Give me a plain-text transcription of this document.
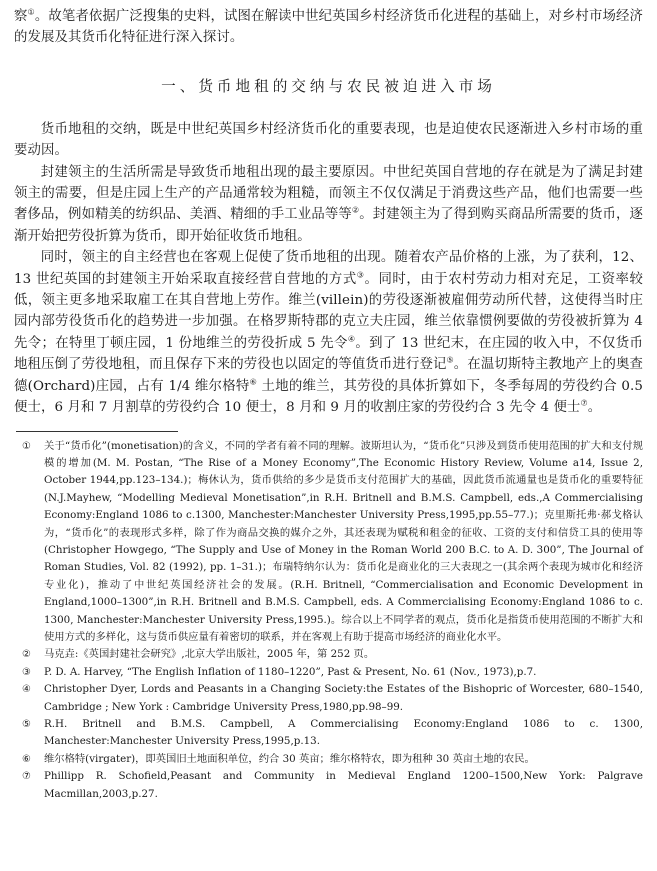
察①。故笔者依据广泛搜集的史料，试图在解读中世纪英国乡村经济货币化进程的基础上，对乡村市场经济的发展及其货币化特征进行深入探讨。

一、货币地租的交纳与农民被迫进入市场

货币地租的交纳，既是中世纪英国乡村经济货币化的重要表现，也是迫使农民逐渐进入乡村市场的重要动因。

封建领主的生活所需是导致货币地租出现的最主要原因。中世纪英国自营地的存在就是为了满足封建领主的需要，但是庄园上生产的产品通常较为粗糙，而领主不仅仅满足于消费这些产品，他们也需要一些奢侈品，例如精美的纺织品、美酒、精细的手工业品等等②。封建领主为了得到购买商品所需要的货币，逐渐开始把劳役折算为货币，即开始征收货币地租。

同时，领主的自主经营也在客观上促使了货币地租的出现。随着农产品价格的上涨，为了获利，12、13 世纪英国的封建领主开始采取直接经营自营地的方式③。同时，由于农村劳动力相对充足，工资率较低，领主更多地采取雇工在其自营地上劳作。维兰(villein)的劳役逐渐被雇佣劳动所代替，这使得当时庄园内部劳役货币化的趋势进一步加强。在格罗斯特郡的克立夫庄园，维兰依靠惯例要做的劳役被折算为 4 先令；在特里丁顿庄园，1 份地维兰的劳役折成 5 先令④。到了 13 世纪末，在庄园的收入中，不仅货币地租压倒了劳役地租，而且保存下来的劳役也以固定的等值货币进行登记⑤。在温切斯特主教地产上的奥查德(Orchard)庄园，占有 1/4 维尔格特⑥ 土地的维兰，其劳役的具体折算如下，冬季每周的劳役约合 0.5 便士，6 月和 7 月割草的劳役约合 10 便士，8 月和 9 月的收割庄家的劳役约合 3 先令 4 便士⑦。

①	关于“货币化”(monetisation)的含义，不同的学者有着不同的理解。波斯坦认为，“货币化”只涉及到货币使用范围的扩大和支付规模的增加(M. M. Postan, “The Rise of a Money Economy”,The Economic History Review, Volume a14, Issue 2, October 1944,pp.123–134.)；梅休认为，货币供给的多少是货币支付范围扩大的基础，因此货币流通量也是货币化的重要特征(N.J.Mayhew, “Modelling Medieval Monetisation”,in R.H. Britnell and B.M.S. Campbell, eds.,A Commercialising Economy:England 1086 to c.1300, Manchester:Manchester University Press,1995,pp.55–77.)；克里斯托弗·郝戈格认为，“货币化”的表现形式多样，除了作为商品交换的媒介之外，其还表现为赋税和租金的征收、工资的支付和信贷工具的使用等(Christopher Howgego, “The Supply and Use of Money in the Roman World 200 B.C. to A. D. 300”, The Journal of Roman Studies, Vol. 82 (1992), pp. 1–31.)；布瑞特纳尔认为：货币化是商业化的三大表现之一(其余两个表现为城市化和经济专业化)，推动了中世纪英国经济社会的发展。(R.H. Britnell, “Commercialisation and Economic Development in England,1000–1300”,in R.H. Britnell and B.M.S. Campbell, eds. A Commercialising Economy:England 1086 to c. 1300, Manchester:Manchester University Press,1995.)。综合以上不同学者的观点，货币化是指货币使用范围的不断扩大和使用方式的多样化，这与货币供应量有着密切的联系，并在客观上有助于提高市场经济的商业化水平。
②	马克垚:《英国封建社会研究》,北京大学出版社，2005 年，第 252 页。
③	P. D. A. Harvey, “The English Inflation of 1180–1220”, Past & Present, No. 61 (Nov., 1973),p.7.
④	Christopher Dyer, Lords and Peasants in a Changing Society:the Estates of the Bishopric of Worcester, 680–1540, Cambridge ; New York : Cambridge University Press,1980,pp.98–99.
⑤	R.H. Britnell and B.M.S. Campbell, A Commercialising Economy:England 1086 to c. 1300, Manchester:Manchester University Press,1995,p.13.
⑥	维尔格特(virgater)，即英国旧土地面积单位，约合 30 英亩；维尔格特农，即为租种 30 英亩土地的农民。
⑦	Phillipp R. Schofield,Peasant and Community in Medieval England 1200–1500,New York: Palgrave Macmillan,2003,p.27.
